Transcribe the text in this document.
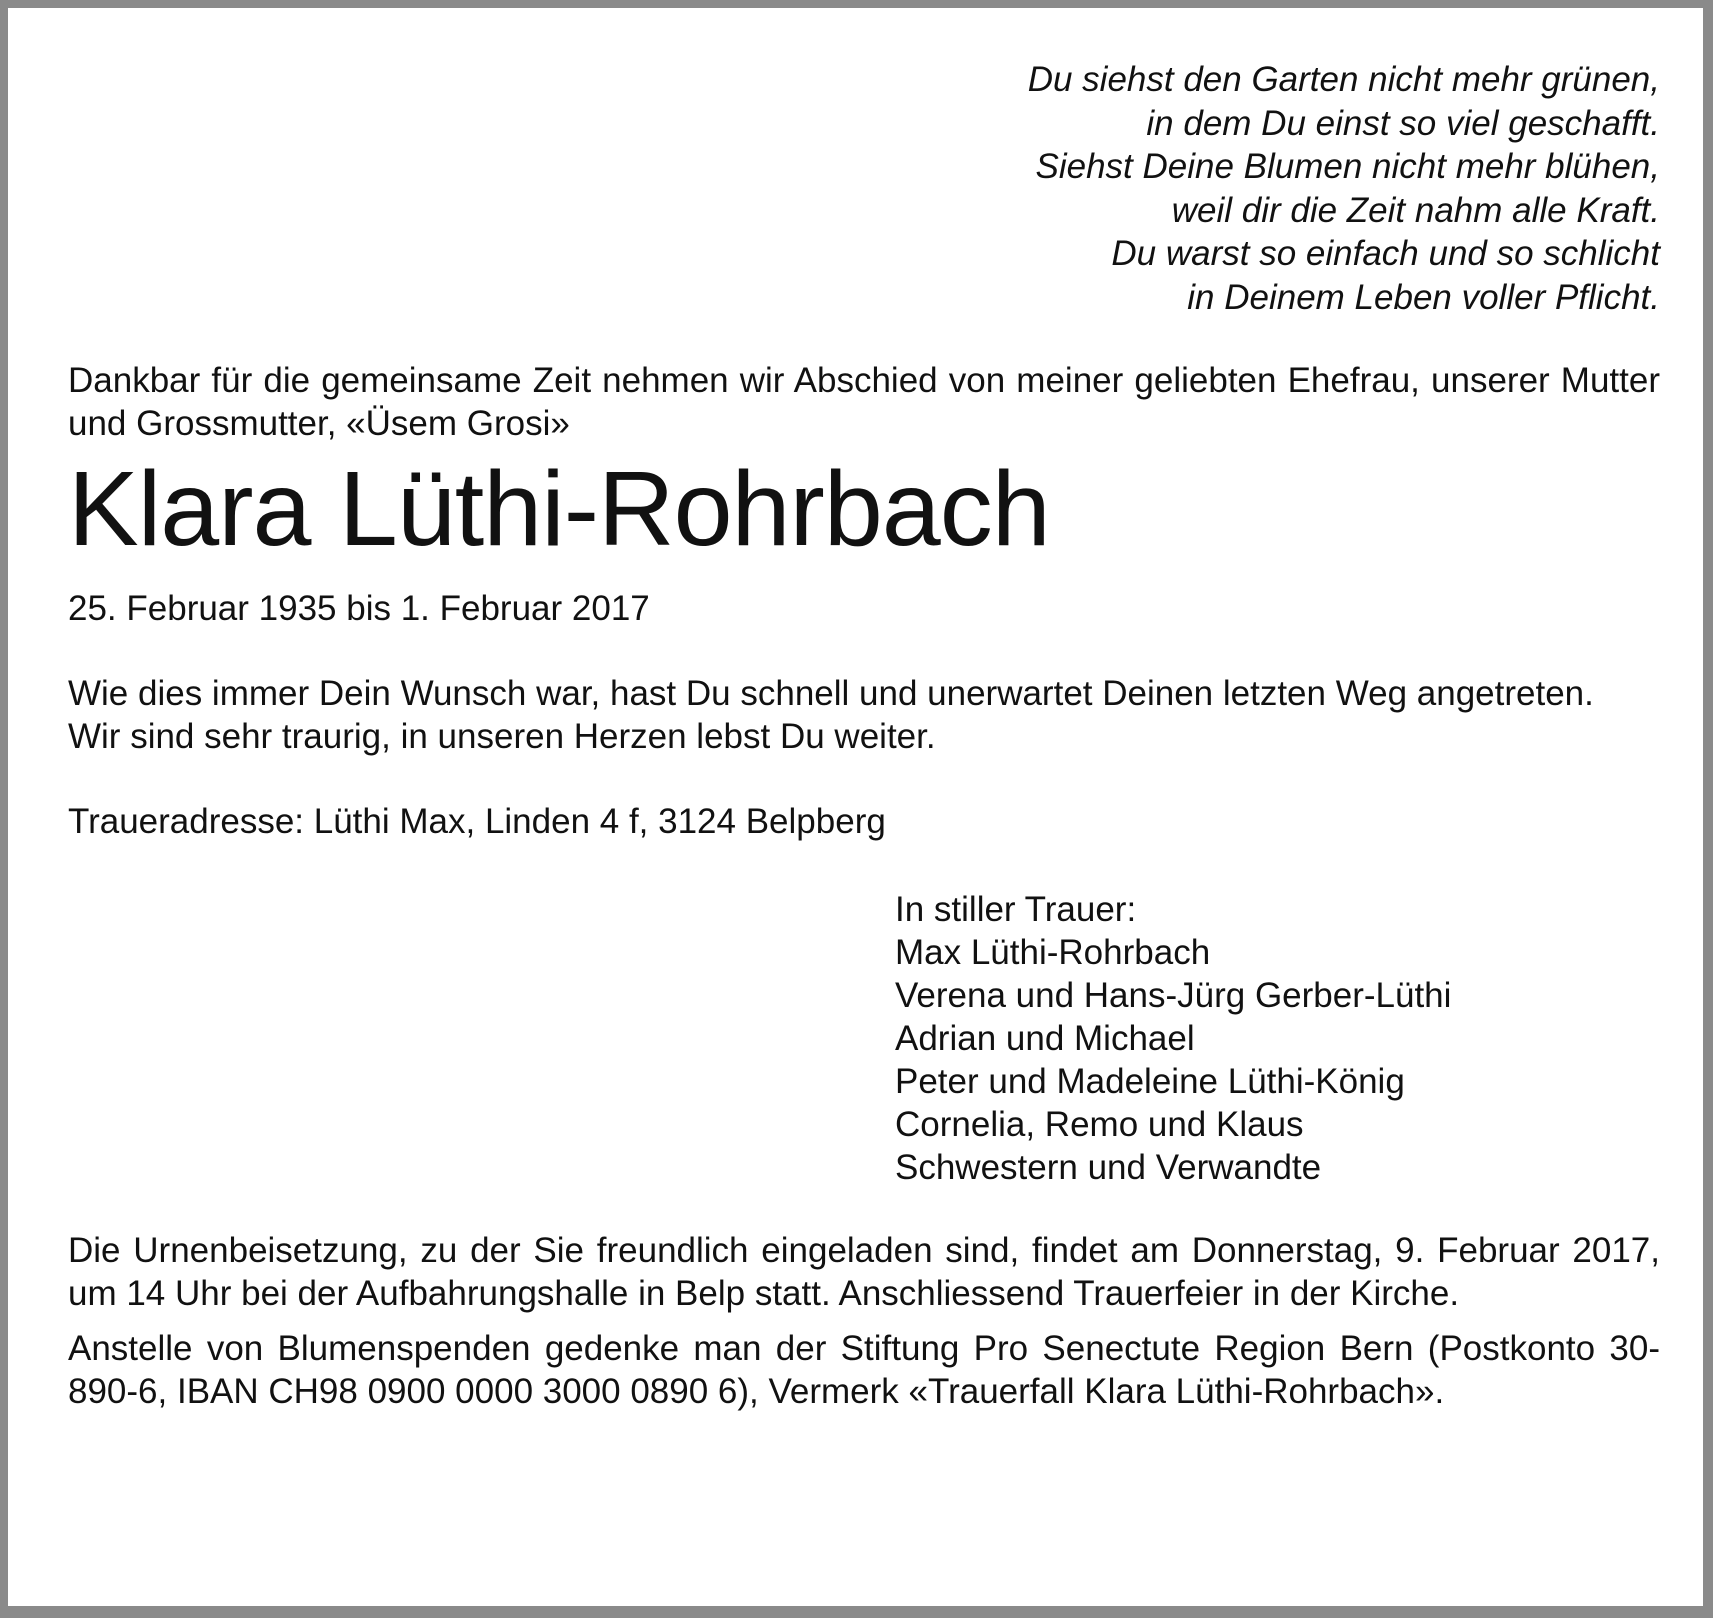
Du siehst den Garten nicht mehr grünen,
in dem Du einst so viel geschafft.
Siehst Deine Blumen nicht mehr blühen,
weil dir die Zeit nahm alle Kraft.
Du warst so einfach und so schlicht
in Deinem Leben voller Pflicht.

Dankbar für die gemeinsame Zeit nehmen wir Abschied von meiner geliebten Ehefrau, unserer Mutter und Grossmutter, «Üsem Grosi»

Klara Lüthi-Rohrbach
25. Februar 1935 bis 1. Februar 2017

Wie dies immer Dein Wunsch war, hast Du schnell und unerwartet Deinen letzten Weg angetreten.

Wir sind sehr traurig, in unseren Herzen lebst Du weiter.

Traueradresse: Lüthi Max, Linden 4 f, 3124 Belpberg
In stiller Trauer:
Max Lüthi-Rohrbach
Verena und Hans-Jürg Gerber-Lüthi
Adrian und Michael
Peter und Madeleine Lüthi-König
Cornelia, Remo und Klaus
Schwestern und Verwandte

Die Urnenbeisetzung, zu der Sie freundlich eingeladen sind, findet am Donnerstag, 9. Februar 2017, um 14 Uhr bei der Aufbahrungshalle in Belp statt. Anschliessend Trauerfeier in der Kirche.

Anstelle von Blumenspenden gedenke man der Stiftung Pro Senectute Region Bern (Postkonto 30-890-6, IBAN CH98 0900 0000 3000 0890 6), Vermerk «Trauerfall Klara Lüthi-Rohrbach».
